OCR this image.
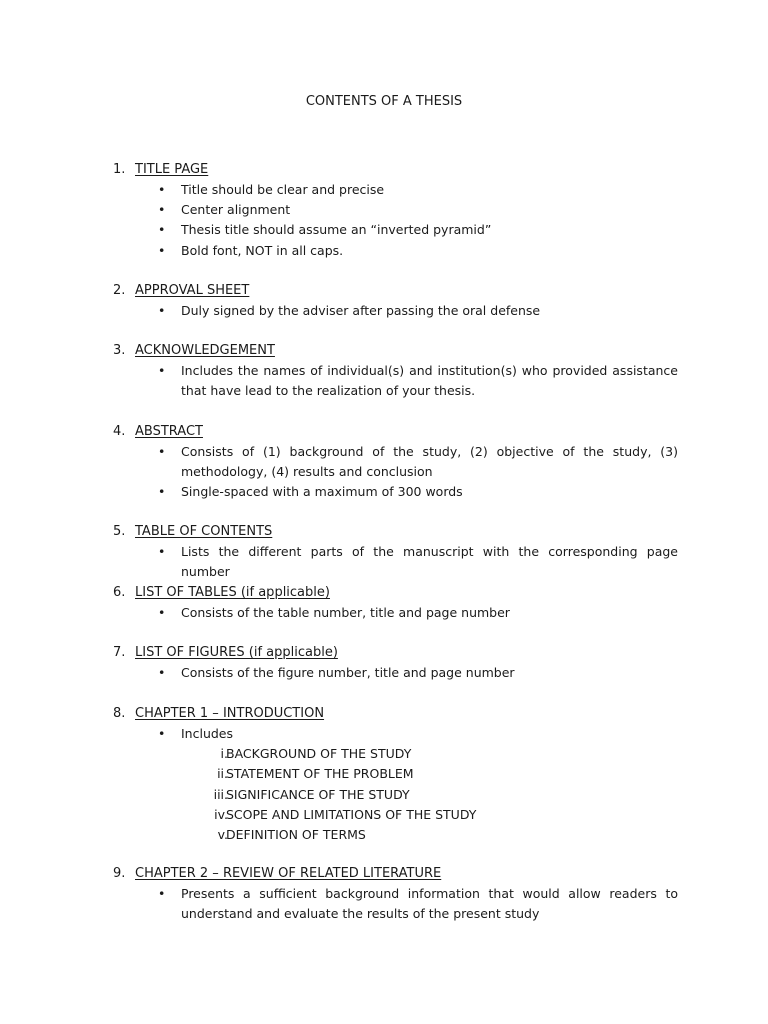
CONTENTS OF A THESIS
1. TITLE PAGE
• Title should be clear and precise
• Center alignment
• Thesis title should assume an “inverted pyramid”
• Bold font, NOT in all caps.
2. APPROVAL SHEET
• Duly signed by the adviser after passing the oral defense
3. ACKNOWLEDGEMENT
• Includes the names of individual(s) and institution(s) who provided assistance that have lead to the realization of your thesis.
4. ABSTRACT
• Consists of (1) background of the study, (2) objective of the study, (3) methodology, (4) results and conclusion
• Single-spaced with a maximum of 300 words
5. TABLE OF CONTENTS
• Lists the different parts of the manuscript with the corresponding page number
6. LIST OF TABLES (if applicable)
• Consists of the table number, title and page number
7. LIST OF FIGURES (if applicable)
• Consists of the figure number, title and page number
8. CHAPTER 1 – INTRODUCTION
• Includes
i.
BACKGROUND OF THE STUDY
ii.
STATEMENT OF THE PROBLEM
iii.
SIGNIFICANCE OF THE STUDY
iv.
SCOPE AND LIMITATIONS OF THE STUDY
v.
DEFINITION OF TERMS
9. CHAPTER 2 – REVIEW OF RELATED LITERATURE
• Presents a sufficient background information that would allow readers to understand and evaluate the results of the present study
